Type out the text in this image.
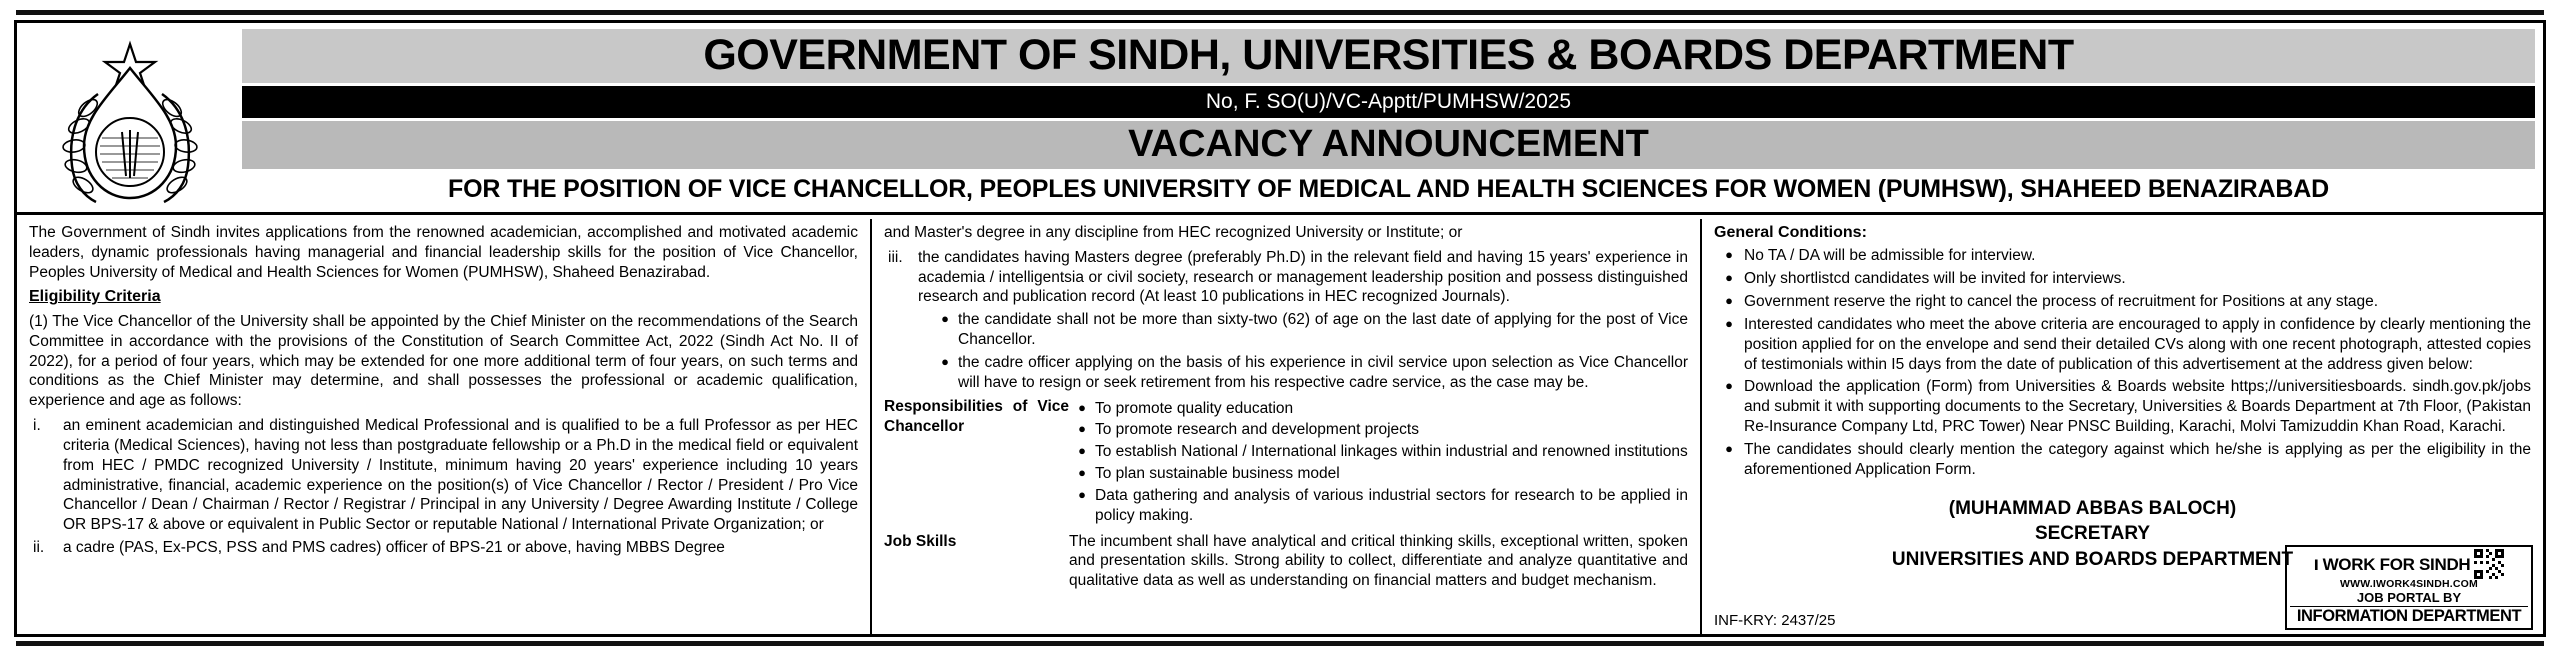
GOVERNMENT OF SINDH, UNIVERSITIES & BOARDS DEPARTMENT
No, F. SO(U)/VC-Apptt/PUMHSW/2025
VACANCY ANNOUNCEMENT
FOR THE POSITION OF VICE CHANCELLOR, PEOPLES UNIVERSITY OF MEDICAL AND HEALTH SCIENCES FOR WOMEN (PUMHSW), SHAHEED BENAZIRABAD

The Government of Sindh invites applications from the renowned academician, accomplished and motivated academic leaders, dynamic professionals having managerial and financial leadership skills for the position of Vice Chancellor, Peoples University of Medical and Health Sciences for Women (PUMHSW), Shaheed Benazirabad.

Eligibility Criteria

(1) The Vice Chancellor of the University shall be appointed by the Chief Minister on the recommendations of the Search Committee in accordance with the provisions of the Constitution of Search Committee Act, 2022 (Sindh Act No. II of 2022), for a period of four years, which may be extended for one more additional term of four years, on such terms and conditions as the Chief Minister may determine, and shall possesses the professional or academic qualification, experience and age as follows:

i.	an eminent academician and distinguished Medical Professional and is qualified to be a full Professor as per HEC criteria (Medical Sciences), having not less than postgraduate fellowship or a Ph.D in the medical field or equivalent from HEC / PMDC recognized University / Institute, minimum having 20 years' experience including 10 years administrative, financial, academic experience on the position(s) of Vice Chancellor / Rector / President / Pro Vice Chancellor / Dean / Chairman / Rector / Registrar / Principal in any University / Degree Awarding Institute / College OR BPS-17 & above or equivalent in Public Sector or reputable National / International Private Organization; or
ii.	a cadre (PAS, Ex-PCS, PSS and PMS cadres) officer of BPS-21 or above, having MBBS Degree

and Master's degree in any discipline from HEC recognized University or Institute; or

iii. the candidates having Masters degree (preferably Ph.D) in the relevant field and having 15 years' experience in academia / intelligentsia or civil society, research or management leadership position and possess distinguished research and publication record (At least 10 publications in HEC recognized Journals).
● the candidate shall not be more than sixty-two (62) of age on the last date of applying for the post of Vice Chancellor.
● the cadre officer applying on the basis of his experience in civil service upon selection as Vice Chancellor will have to resign or seek retirement from his respective cadre service, as the case may be.
Responsibilities of Vice Chancellor
● To promote quality education
● To promote research and development projects
● To establish National / International linkages within industrial and renowned institutions
● To plan sustainable business model
● Data gathering and analysis of various industrial sectors for research to be applied in policy making.
Job Skills	The incumbent shall have analytical and critical thinking skills, exceptional written, spoken and presentation skills. Strong ability to collect, differentiate and analyze quantitative and qualitative data as well as understanding on financial matters and budget mechanism.
General Conditions:
● No TA / DA will be admissible for interview.
● Only shortlistcd candidates will be invited for interviews.
● Government reserve the right to cancel the process of recruitment for Positions at any stage.
● Interested candidates who meet the above criteria are encouraged to apply in confidence by clearly mentioning the position applied for on the envelope and send their detailed CVs along with one recent photograph, attested copies of testimonials within I5 days from the date of publication of this advertisement at the address given below:
● Download the application (Form) from Universities & Boards website https;//universitiesboards. sindh.gov.pk/jobs and submit it with supporting documents to the Secretary, Universities & Boards Department at 7th Floor, (Pakistan Re-Insurance Company Ltd, PRC Tower) Near PNSC Building, Karachi, Molvi Tamizuddin Khan Road, Karachi.
● The candidates should clearly mention the category against which he/she is applying as per the eligibility in the aforementioned Application Form.
(MUHAMMAD ABBAS BALOCH)
SECRETARY
UNIVERSITIES AND BOARDS DEPARTMENT
INF-KRY: 2437/25
ı WORK FOR SINDH
WWW.IWORK4SINDH.COM
JOB PORTAL BY
INFORMATION DEPARTMENT
